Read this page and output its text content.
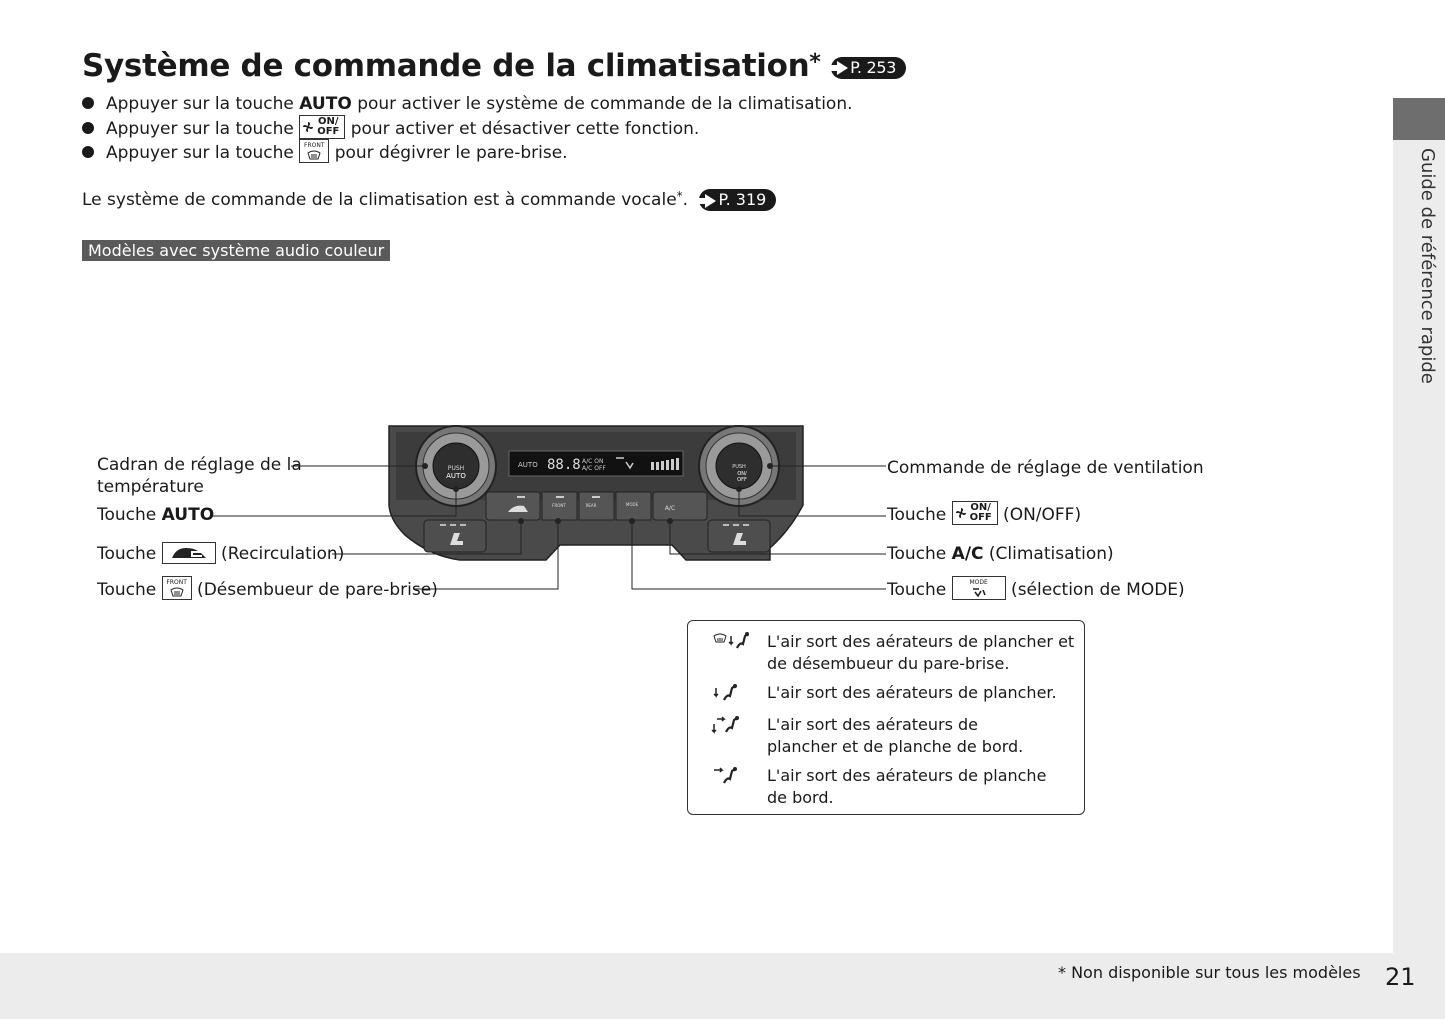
Système de commande de la climatisation* P. 253
Appuyer sur la touche AUTO pour activer le système de commande de la climatisation.
Appuyer sur la touche	ON/
OFF pour activer et désactiver cette fonction.
Appuyer sur la touche FRONT pour dégivrer le pare-brise.
Le système de commande de la climatisation est à commande vocale*. P. 319
Modèles avec système audio couleur	Guide de référence rapide
PUSH
AUTO
PUSH
ON/
OFF
AUTO 88.8 A/C ON
A/C OFF
FRONT	REAR	MODE
A/C
Cadran de réglage de la
température
Touche AUTO
Touche	(Recirculation)
Touche FRONT (Désembueur de pare-brise)
Commande de réglage de ventilation
Touche	ON/
OFF (ON/OFF)
Touche A/C (Climatisation)
Touche	MODE	(sélection de MODE)
L'air sort des aérateurs de plancher et
de désembueur du pare-brise.
L'air sort des aérateurs de plancher.
L'air sort des aérateurs de
plancher et de planche de bord.
L'air sort des aérateurs de planche
de bord.
* Non disponible sur tous les modèles 21
